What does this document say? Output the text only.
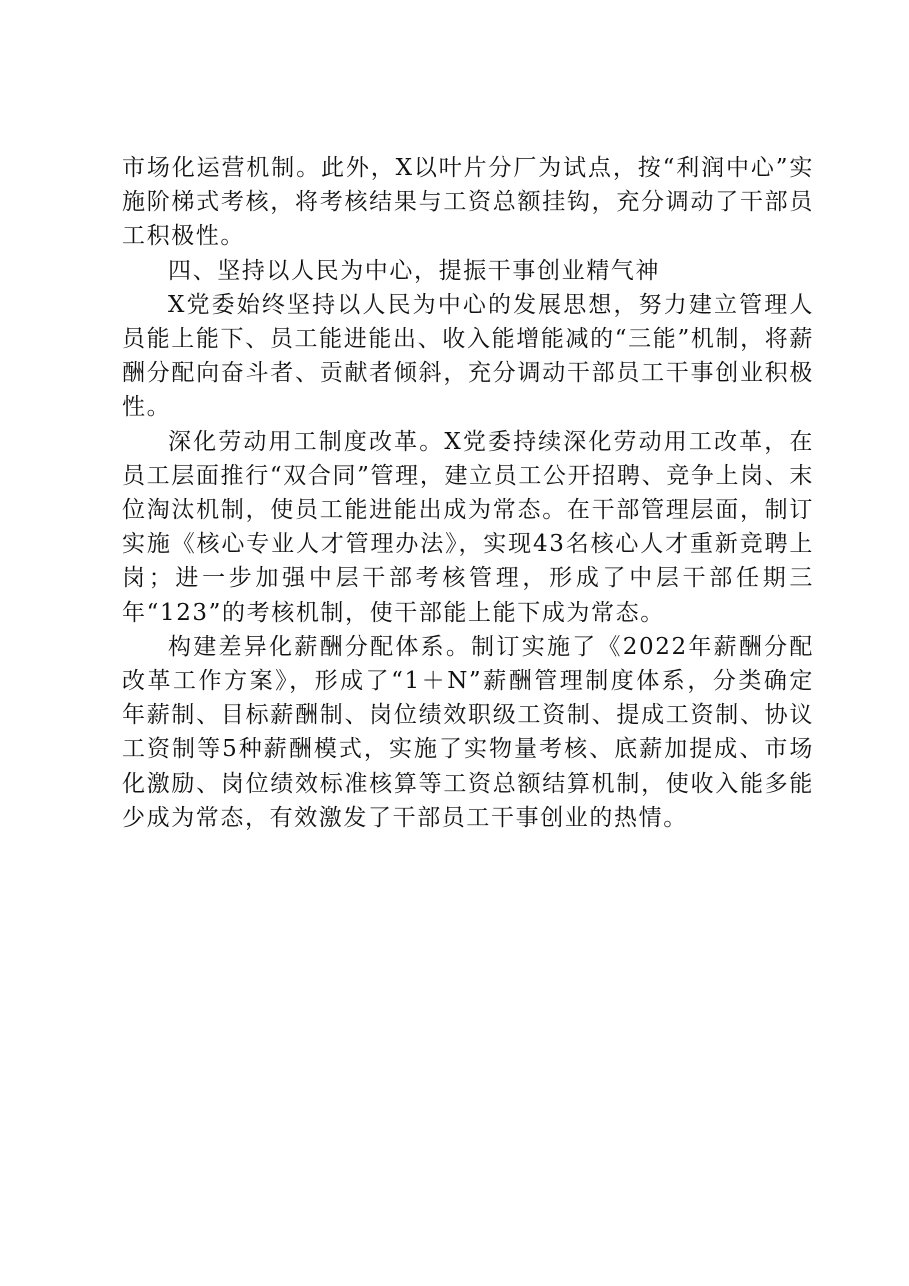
市场化运营机制。此外，X以叶片分厂为试点，按“利润中心”实施阶梯式考核，将考核结果与工资总额挂钩，充分调动了干部员工积极性。

四、坚持以人民为中心，提振干事创业精气神

X党委始终坚持以人民为中心的发展思想，努力建立管理人员能上能下、员工能进能出、收入能增能减的“三能”机制，将薪酬分配向奋斗者、贡献者倾斜，充分调动干部员工干事创业积极性。

深化劳动用工制度改革。X党委持续深化劳动用工改革，在员工层面推行“双合同”管理，建立员工公开招聘、竞争上岗、末位淘汰机制，使员工能进能出成为常态。在干部管理层面，制订实施《核心专业人才管理办法》，实现43名核心人才重新竞聘上岗；进一步加强中层干部考核管理，形成了中层干部任期三年“123”的考核机制，使干部能上能下成为常态。

构建差异化薪酬分配体系。制订实施了《2022年薪酬分配改革工作方案》，形成了“1＋N”薪酬管理制度体系，分类确定年薪制、目标薪酬制、岗位绩效职级工资制、提成工资制、协议工资制等5种薪酬模式，实施了实物量考核、底薪加提成、市场化激励、岗位绩效标准核算等工资总额结算机制，使收入能多能少成为常态，有效激发了干部员工干事创业的热情。
